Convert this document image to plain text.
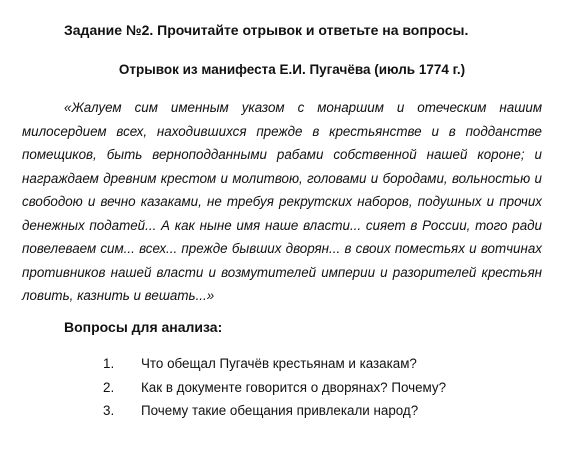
Задание №2. Прочитайте отрывок и ответьте на вопросы.
Отрывок из манифеста Е.И. Пугачёва (июль 1774 г.)

«Жалуем сим именным указом с монаршим и отеческим нашим милосердием всех, находившихся прежде в крестьянстве и в подданстве помещиков, быть верноподданными рабами собственной нашей короне; и награждаем древним крестом и молитвою, головами и бородами, вольностью и свободою и вечно казаками, не требуя рекрутских наборов, подушных и прочих денежных податей... А как ныне имя наше власти... сияет в России, того ради повелеваем сим... всех... прежде бывших дворян... в своих поместьях и вотчинах противников нашей власти и возмутителей империи и разорителей крестьян ловить, казнить и вешать...»

Вопросы для анализа:
1. Что обещал Пугачёв крестьянам и казакам?
2. Как в документе говорится о дворянах? Почему?
3. Почему такие обещания привлекали народ?
